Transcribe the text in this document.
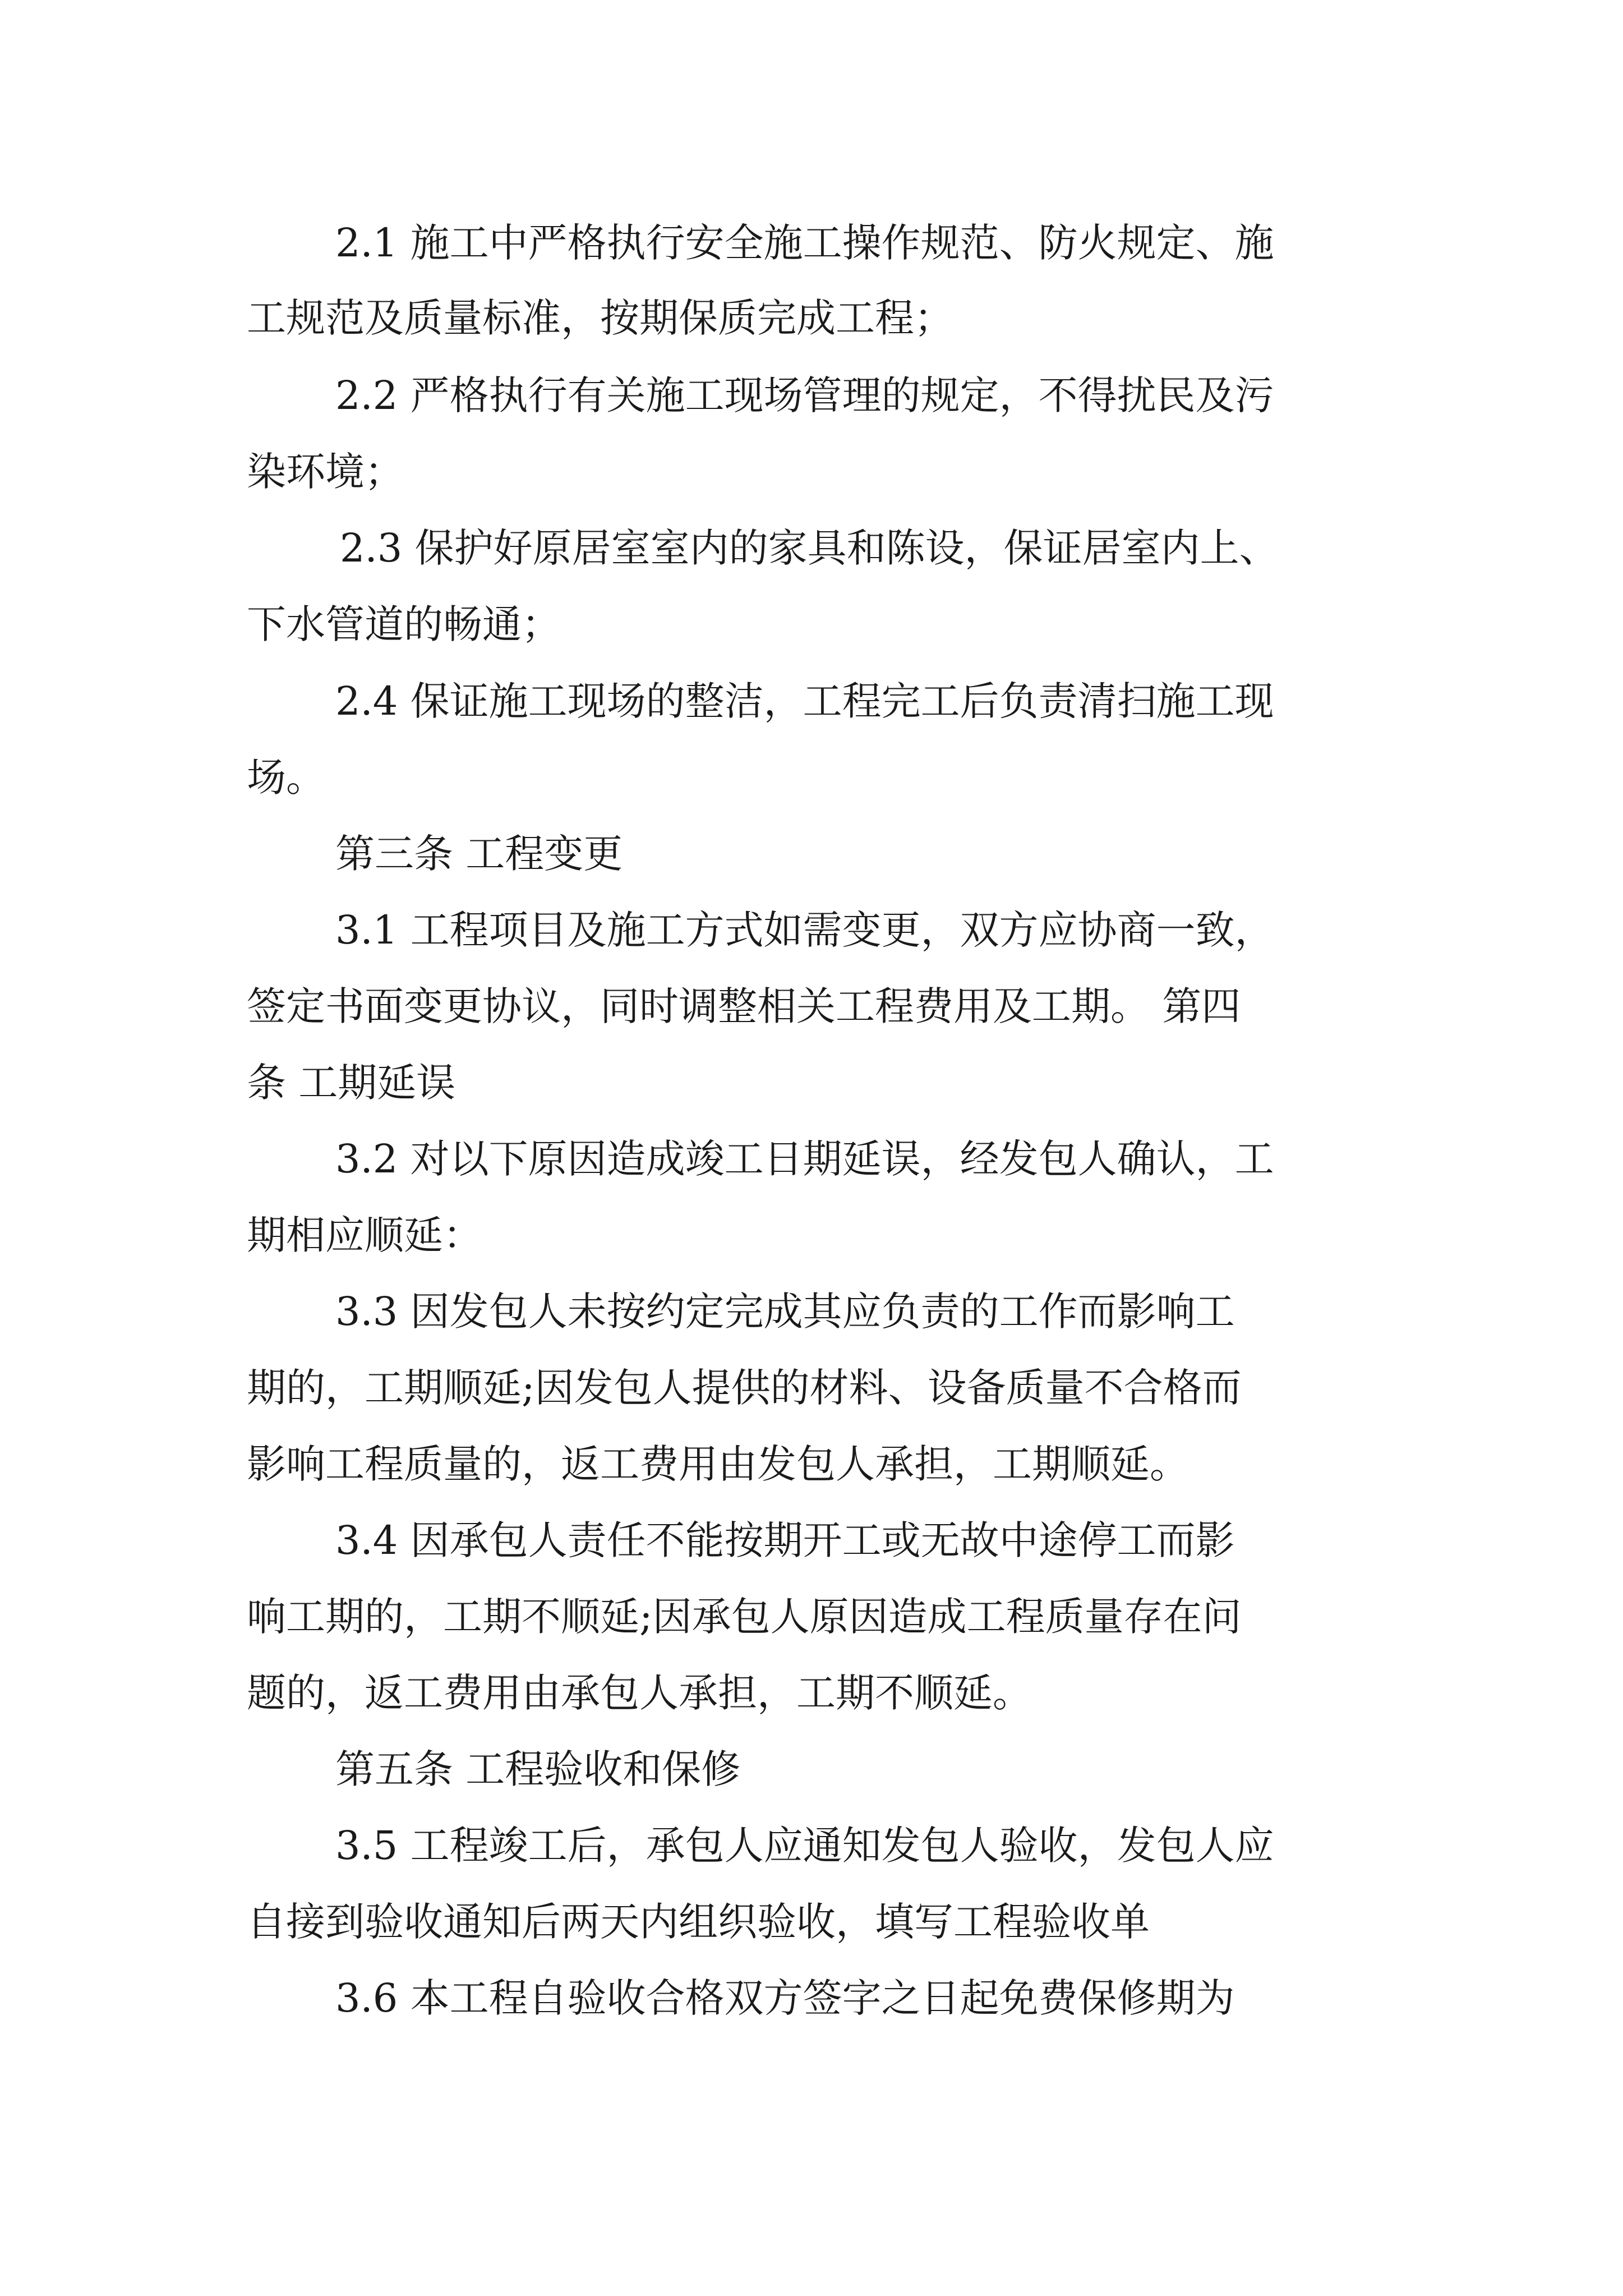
2.1 施工中严格执行安全施工操作规范、防火规定、施

工规范及质量标准，按期保质完成工程；

2.2 严格执行有关施工现场管理的规定，不得扰民及污

染环境；

2.3 保护好原居室室内的家具和陈设，保证居室内上、

下水管道的畅通；

2.4 保证施工现场的整洁，工程完工后负责清扫施工现

场。

第三条 工程变更

3.1 工程项目及施工方式如需变更，双方应协商一致，

签定书面变更协议，同时调整相关工程费用及工期。 第四

条 工期延误

3.2 对以下原因造成竣工日期延误，经发包人确认，工

期相应顺延：

3.3 因发包人未按约定完成其应负责的工作而影响工

期的，工期顺延;因发包人提供的材料、设备质量不合格而

影响工程质量的，返工费用由发包人承担，工期顺延。

3.4 因承包人责任不能按期开工或无故中途停工而影

响工期的，工期不顺延;因承包人原因造成工程质量存在问

题的，返工费用由承包人承担，工期不顺延。

第五条 工程验收和保修

3.5 工程竣工后，承包人应通知发包人验收，发包人应

自接到验收通知后两天内组织验收，填写工程验收单

3.6 本工程自验收合格双方签字之日起免费保修期为
